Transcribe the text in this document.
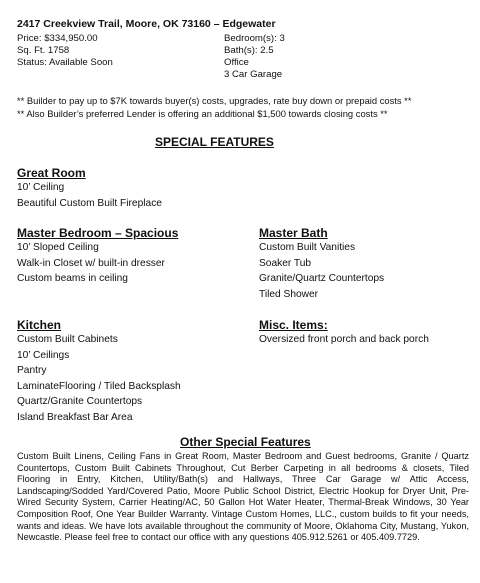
2417 Creekview Trail, Moore, OK 73160 – Edgewater
Price: $334,950.00
Sq. Ft. 1758
Status: Available Soon
Bedroom(s): 3
Bath(s): 2.5
Office
3 Car Garage
** Builder to pay up to $7K towards buyer(s) costs, upgrades, rate buy down or prepaid costs **
** Also Builder’s preferred Lender is offering an additional $1,500 towards closing costs **
SPECIAL FEATURES
Great Room
10’ Ceiling
Beautiful Custom Built Fireplace
Master Bedroom – Spacious
10’ Sloped Ceiling
Walk-in Closet w/ built-in dresser
Custom beams in ceiling
Master Bath
Custom Built Vanities
Soaker Tub
Granite/Quartz Countertops
Tiled Shower
Kitchen
Custom Built Cabinets
10’ Ceilings
Pantry
LaminateFlooring / Tiled Backsplash
Quartz/Granite Countertops
Island Breakfast Bar Area
Misc. Items:
Oversized front porch and back porch
Other Special Features
Custom Built Linens, Ceiling Fans in Great Room, Master Bedroom and Guest bedrooms, Granite / Quartz Countertops, Custom Built Cabinets Throughout, Cut Berber Carpeting in all bedrooms & closets, Tiled Flooring in Entry, Kitchen, Utility/Bath(s) and Hallways, Three Car Garage w/ Attic Access, Landscaping/Sodded Yard/Covered Patio, Moore Public School District, Electric Hookup for Dryer Unit, Pre-Wired Security System, Carrier Heating/AC, 50 Gallon Hot Water Heater, Thermal-Break Windows, 30 Year Composition Roof, One Year Builder Warranty. Vintage Custom Homes, LLC., custom builds to fit your needs, wants and ideas. We have lots available throughout the community of Moore, Oklahoma City, Mustang, Yukon, Newcastle. Please feel free to contact our office with any questions 405.912.5261 or 405.409.7729.
